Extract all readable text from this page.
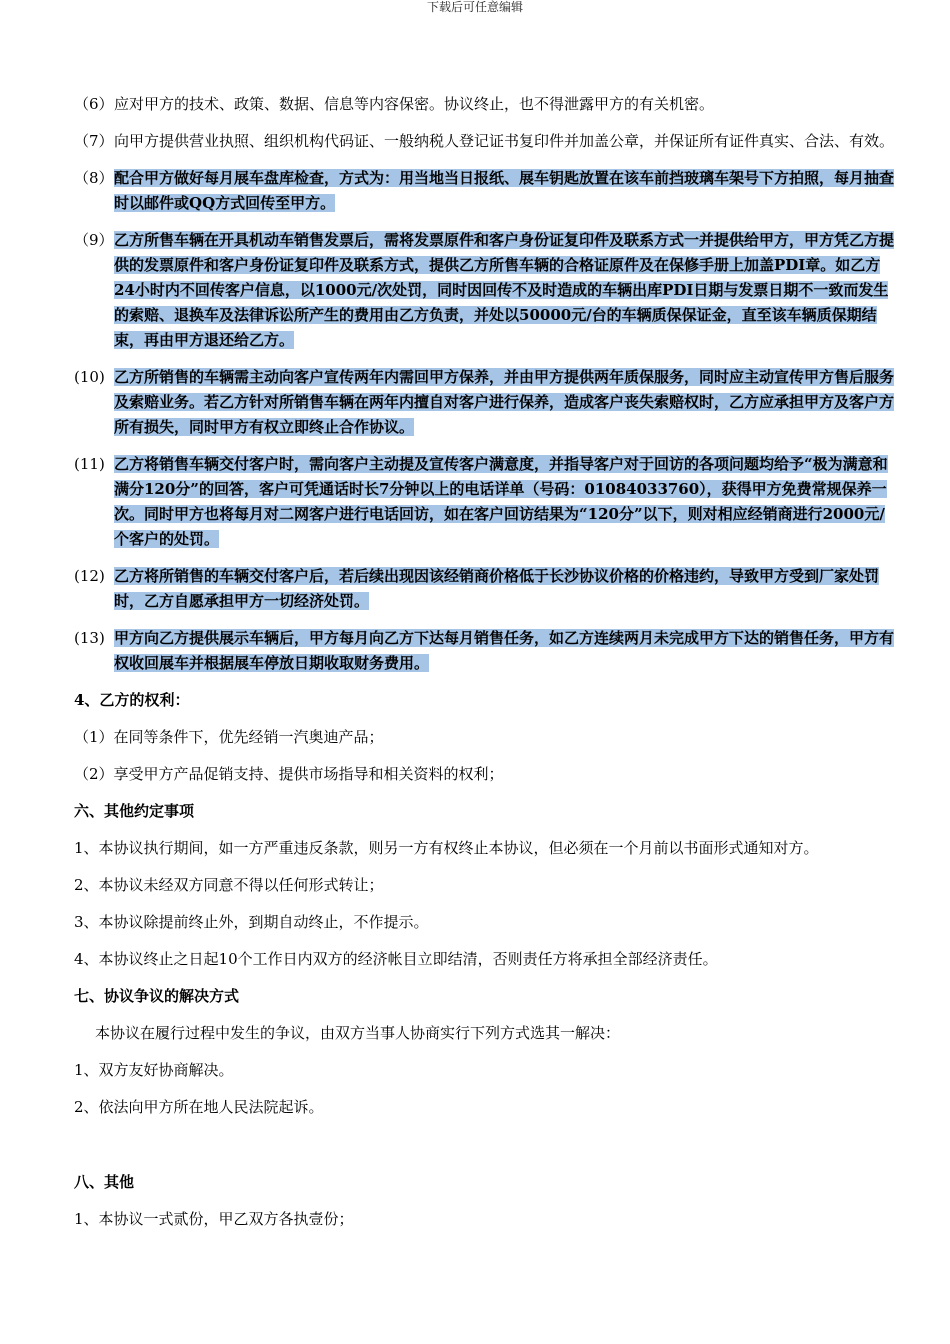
下载后可任意编辑
（6） 应对甲方的技术、政策、数据、信息等内容保密。协议终止，也不得泄露甲方的有关机密。
（7） 向甲方提供营业执照、组织机构代码证、一般纳税人登记证书复印件并加盖公章，并保证所有证件真实、合法、有效。
（8） 配合甲方做好每月展车盘库检查，方式为：用当地当日报纸、展车钥匙放置在该车前挡玻璃车架号下方拍照，每月抽查时以邮件或QQ方式回传至甲方。
（9） 乙方所售车辆在开具机动车销售发票后，需将发票原件和客户身份证复印件及联系方式一并提供给甲方，甲方凭乙方提供的发票原件和客户身份证复印件及联系方式，提供乙方所售车辆的合格证原件及在保修手册上加盖PDI章。如乙方24小时内不回传客户信息，以1000元/次处罚，同时因回传不及时造成的车辆出库PDI日期与发票日期不一致而发生的索赔、退换车及法律诉讼所产生的费用由乙方负责，并处以50000元/台的车辆质保保证金，直至该车辆质保期结束，再由甲方退还给乙方。
(10) 乙方所销售的车辆需主动向客户宣传两年内需回甲方保养，并由甲方提供两年质保服务，同时应主动宣传甲方售后服务及索赔业务。若乙方针对所销售车辆在两年内擅自对客户进行保养，造成客户丧失索赔权时，乙方应承担甲方及客户方所有损失，同时甲方有权立即终止合作协议。
(11) 乙方将销售车辆交付客户时，需向客户主动提及宣传客户满意度，并指导客户对于回访的各项问题均给予“极为满意和满分120分”的回答，客户可凭通话时长7分钟以上的电话详单（号码：01084033760），获得甲方免费常规保养一次。同时甲方也将每月对二网客户进行电话回访，如在客户回访结果为“120分”以下，则对相应经销商进行2000元/个客户的处罚。
(12) 乙方将所销售的车辆交付客户后，若后续出现因该经销商价格低于长沙协议价格的价格违约，导致甲方受到厂家处罚时，乙方自愿承担甲方一切经济处罚。
(13) 甲方向乙方提供展示车辆后，甲方每月向乙方下达每月销售任务，如乙方连续两月未完成甲方下达的销售任务，甲方有权收回展车并根据展车停放日期收取财务费用。
4、乙方的权利：
（1）在同等条件下，优先经销一汽奥迪产品；
（2）享受甲方产品促销支持、提供市场指导和相关资料的权利；
六、其他约定事项
1、本协议执行期间，如一方严重违反条款，则另一方有权终止本协议，但必须在一个月前以书面形式通知对方。
2、本协议未经双方同意不得以任何形式转让；
3、本协议除提前终止外，到期自动终止，不作提示。
4、本协议终止之日起10个工作日内双方的经济帐目立即结清，否则责任方将承担全部经济责任。
七、协议争议的解决方式
本协议在履行过程中发生的争议，由双方当事人协商实行下列方式选其一解决：
1、双方友好协商解决。
2、依法向甲方所在地人民法院起诉。
八、其他
1、本协议一式贰份，甲乙双方各执壹份；
